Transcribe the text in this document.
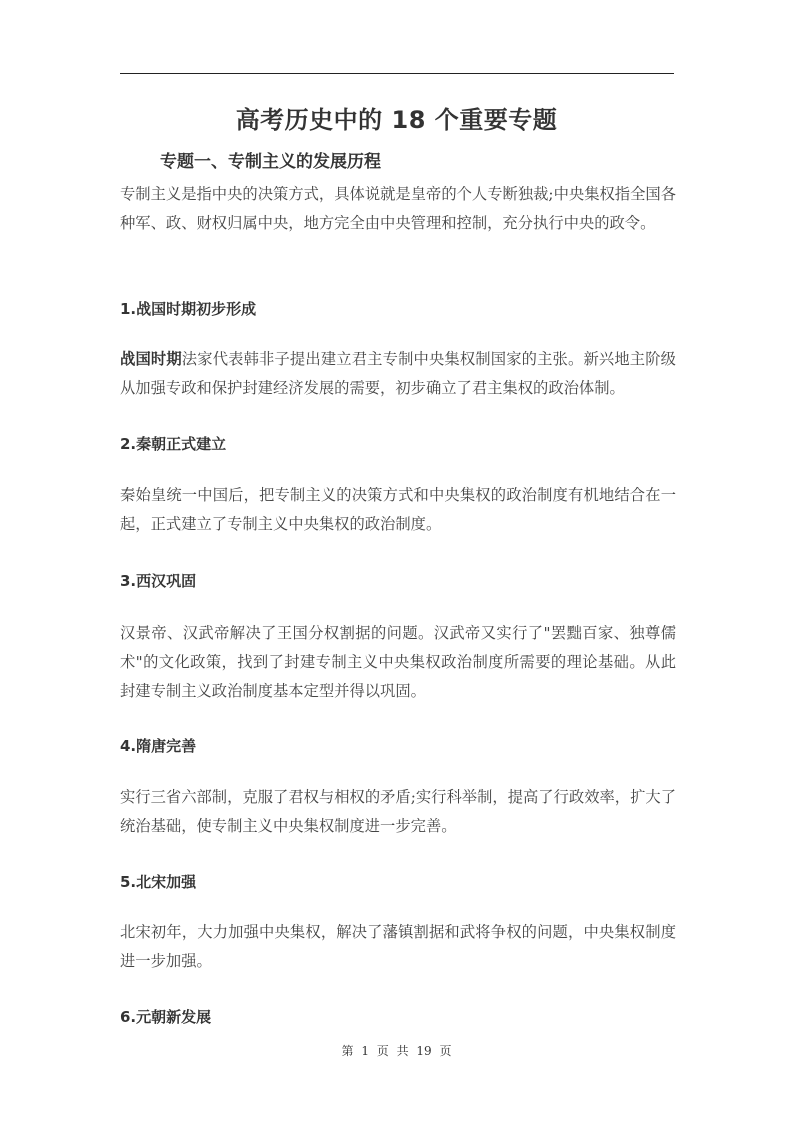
高考历史中的 18 个重要专题
专题一、专制主义的发展历程
专制主义是指中央的决策方式，具体说就是皇帝的个人专断独裁;中央集权指全国各种军、政、财权归属中央，地方完全由中央管理和控制，充分执行中央的政令。
1.战国时期初步形成
战国时期法家代表韩非子提出建立君主专制中央集权制国家的主张。新兴地主阶级从加强专政和保护封建经济发展的需要，初步确立了君主集权的政治体制。
2.秦朝正式建立
秦始皇统一中国后，把专制主义的决策方式和中央集权的政治制度有机地结合在一起，正式建立了专制主义中央集权的政治制度。
3.西汉巩固
汉景帝、汉武帝解决了王国分权割据的问题。汉武帝又实行了"罢黜百家、独尊儒术"的文化政策，找到了封建专制主义中央集权政治制度所需要的理论基础。从此封建专制主义政治制度基本定型并得以巩固。
4.隋唐完善
实行三省六部制，克服了君权与相权的矛盾;实行科举制，提高了行政效率，扩大了统治基础，使专制主义中央集权制度进一步完善。
5.北宋加强
北宋初年，大力加强中央集权，解决了藩镇割据和武将争权的问题，中央集权制度进一步加强。
6.元朝新发展
第 1 页 共 19 页
